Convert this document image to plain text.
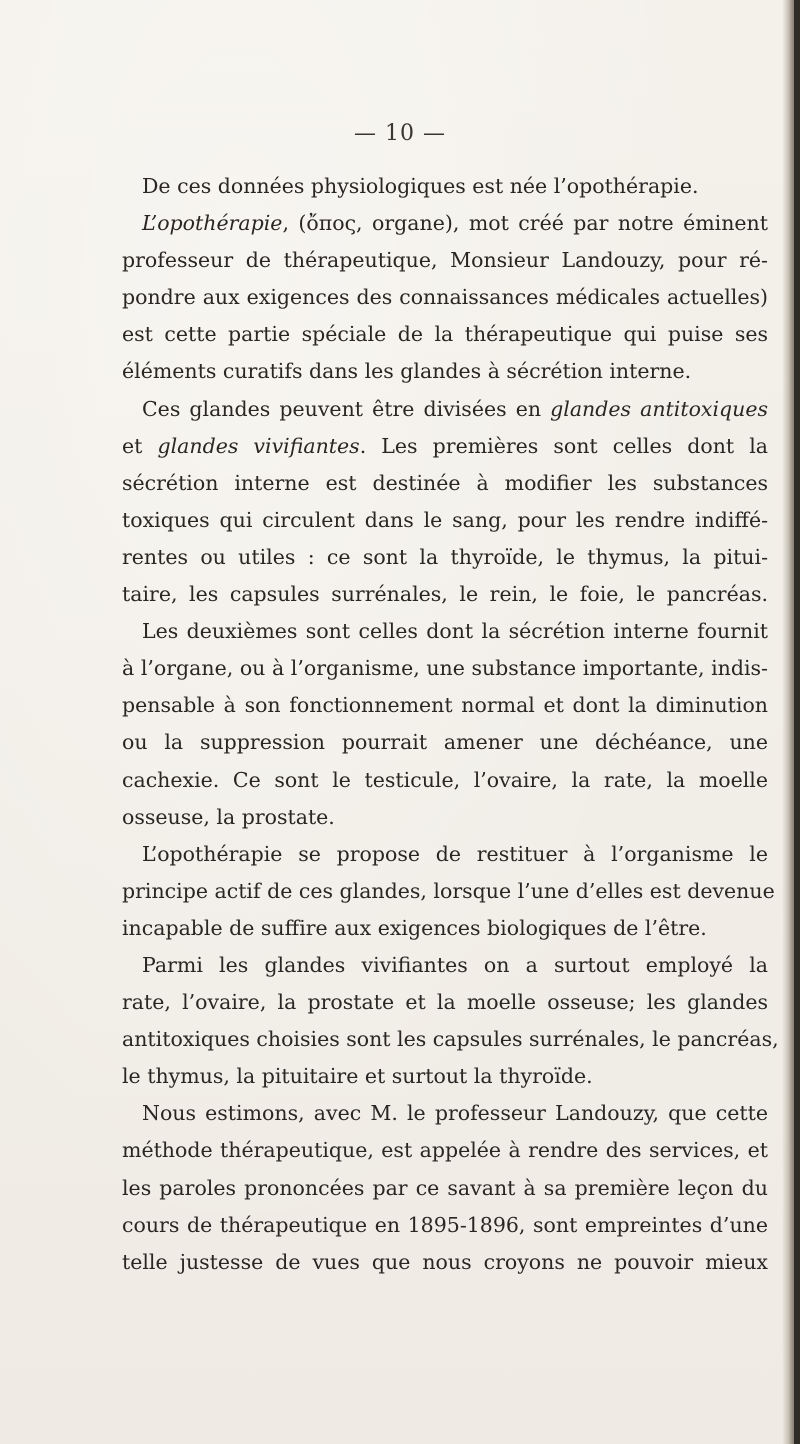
— 10 —
De ces données physiologiques est née l’opothérapie.
L’opothérapie, (ὄπος, organe), mot créé par notre éminent
professeur de thérapeutique, Monsieur Landouzy, pour ré-
pondre aux exigences des connaissances médicales actuelles)
est cette partie spéciale de la thérapeutique qui puise ses
éléments curatifs dans les glandes à sécrétion interne.
Ces glandes peuvent être divisées en glandes antitoxiques
et glandes vivifiantes. Les premières sont celles dont la
sécrétion interne est destinée à modifier les substances
toxiques qui circulent dans le sang, pour les rendre indiffé-
rentes ou utiles : ce sont la thyroïde, le thymus, la pitui-
taire, les capsules surrénales, le rein, le foie, le pancréas.
Les deuxièmes sont celles dont la sécrétion interne fournit
à l’organe, ou à l’organisme, une substance importante, indis-
pensable à son fonctionnement normal et dont la diminution
ou la suppression pourrait amener une déchéance, une
cachexie. Ce sont le testicule, l’ovaire, la rate, la moelle
osseuse, la prostate.
L’opothérapie se propose de restituer à l’organisme le
principe actif de ces glandes, lorsque l’une d’elles est devenue
incapable de suffire aux exigences biologiques de l’être.
Parmi les glandes vivifiantes on a surtout employé la
rate, l’ovaire, la prostate et la moelle osseuse; les glandes
antitoxiques choisies sont les capsules surrénales, le pancréas,
le thymus, la pituitaire et surtout la thyroïde.
Nous estimons, avec M. le professeur Landouzy, que cette
méthode thérapeutique, est appelée à rendre des services, et
les paroles prononcées par ce savant à sa première leçon du
cours de thérapeutique en 1895-1896, sont empreintes d’une
telle justesse de vues que nous croyons ne pouvoir mieux
